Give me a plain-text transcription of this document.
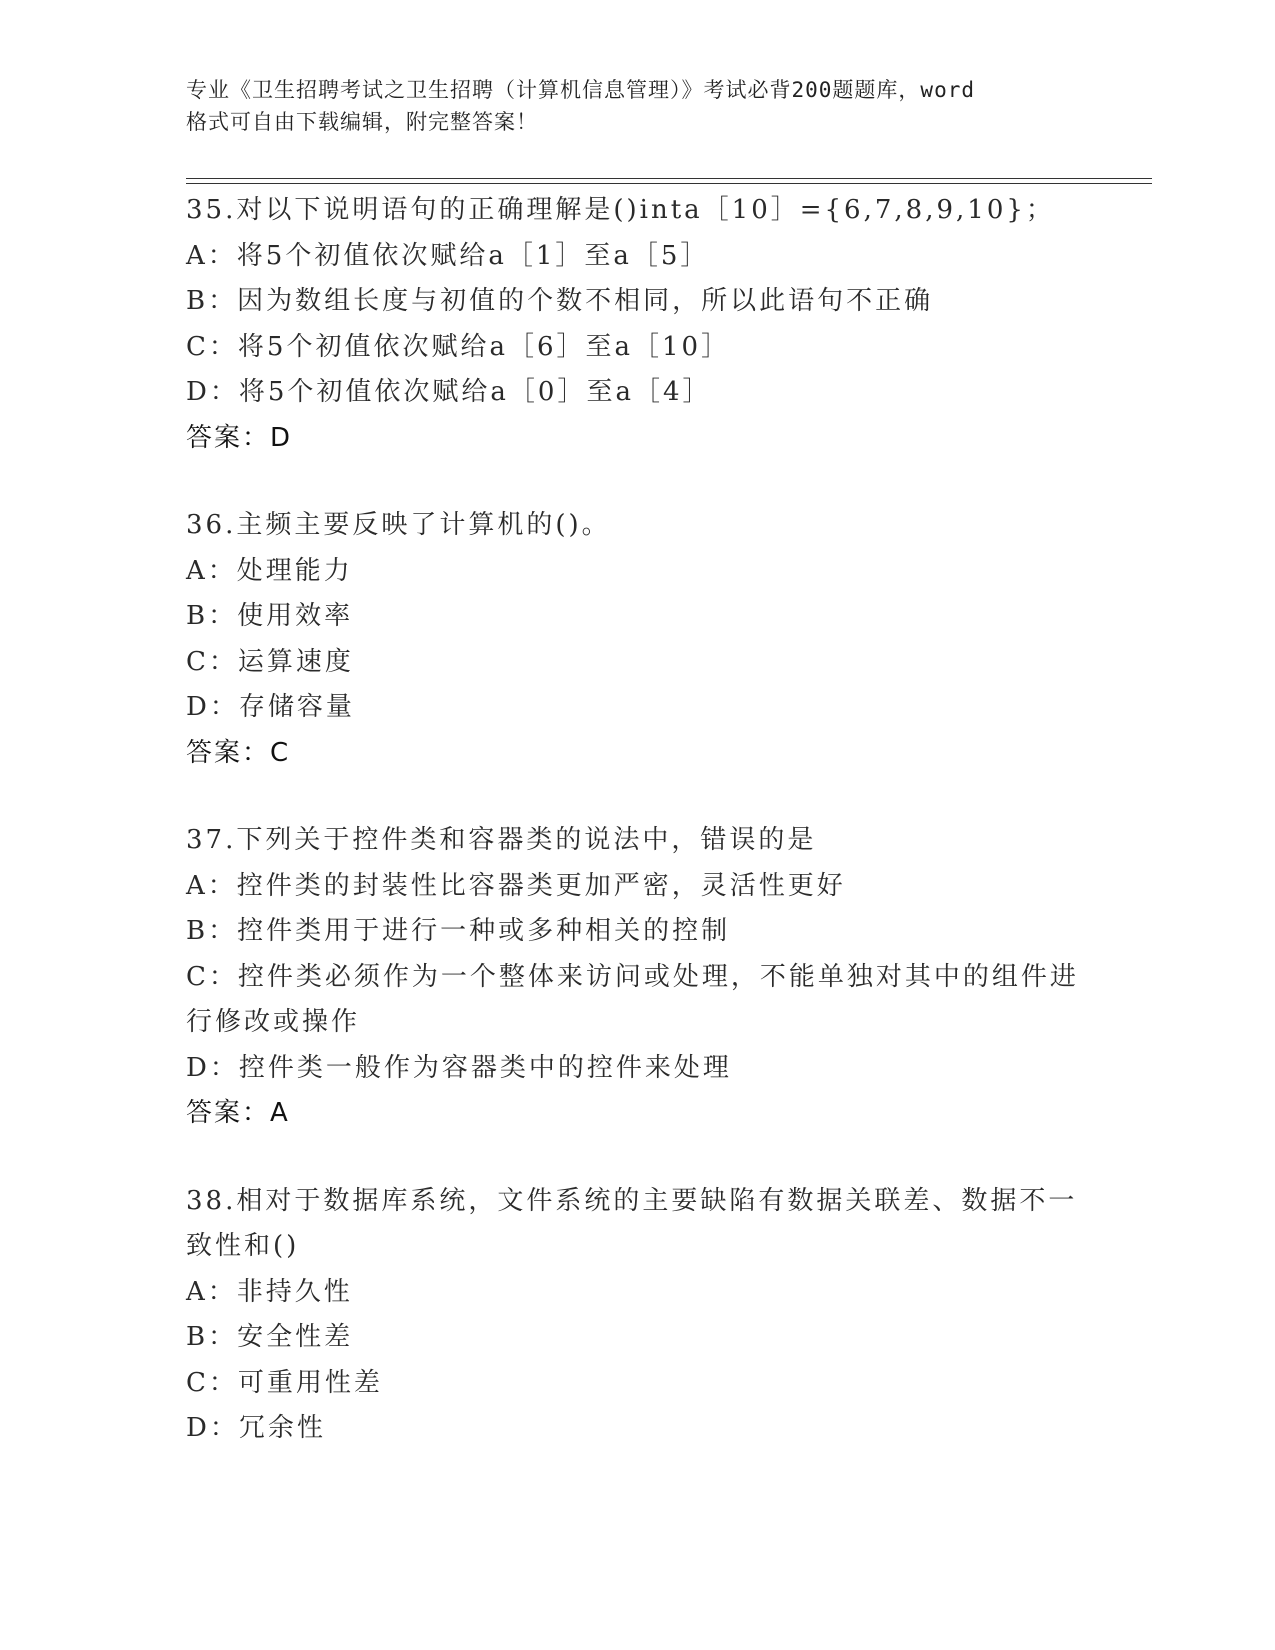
专业《卫生招聘考试之卫生招聘（计算机信息管理）》考试必背200题题库，word
格式可自由下载编辑，附完整答案！
35.对以下说明语句的正确理解是()inta［10］={6,7,8,9,10}；
A： 将5个初值依次赋给a［1］至a［5］
B： 因为数组长度与初值的个数不相同，所以此语句不正确
C： 将5个初值依次赋给a［6］至a［10］
D： 将5个初值依次赋给a［0］至a［4］
答案：D
36.主频主要反映了计算机的()。
A： 处理能力
B： 使用效率
C： 运算速度
D： 存储容量
答案：C
37.下列关于控件类和容器类的说法中，错误的是
A： 控件类的封装性比容器类更加严密，灵活性更好
B： 控件类用于进行一种或多种相关的控制
C：控件类必须作为一个整体来访问或处理，不能单独对其中的组件进
行修改或操作
D： 控件类一般作为容器类中的控件来处理
答案：A
38.相对于数据库系统，文件系统的主要缺陷有数据关联差、数据不一
致性和()
A： 非持久性
B： 安全性差
C： 可重用性差
D： 冗余性
